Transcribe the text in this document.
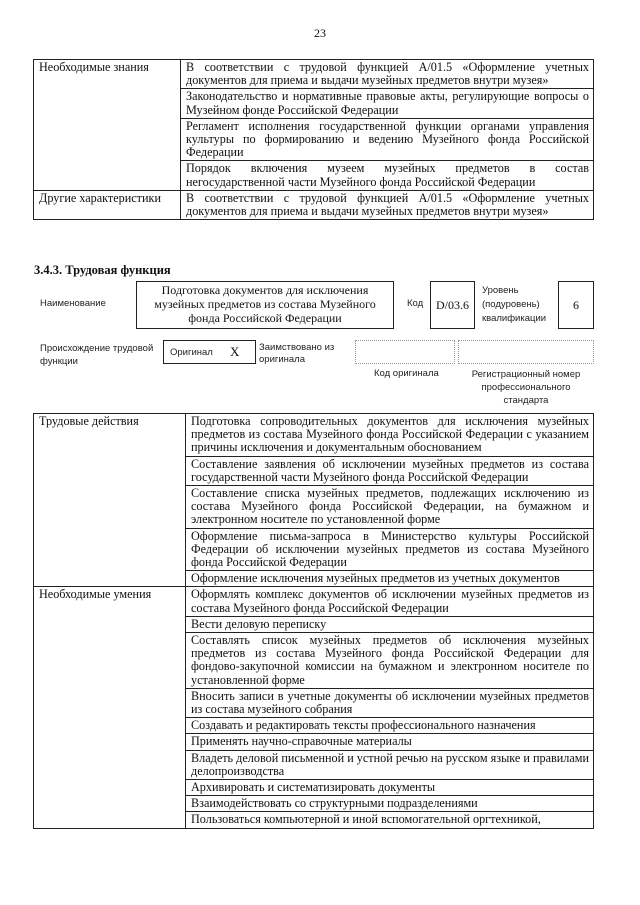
23
Необходимые знания	В соответствии с трудовой функцией А/01.5 «Оформление учетных документов для приема и выдачи музейных предметов внутри музея»
	Законодательство и нормативные правовые акты, регулирующие вопросы о Музейном фонде Российской Федерации
	Регламент исполнения государственной функции органами управления культуры по формированию и ведению Музейного фонда Российской Федерации
	Порядок включения музеем музейных предметов в состав негосударственной части Музейного фонда Российской Федерации
Другие характеристики	В соответствии с трудовой функцией А/01.5 «Оформление учетных документов для приема и выдачи музейных предметов внутри музея»
3.4.3. Трудовая функция
Наименование
Подготовка документов для исключения музейных предметов из состава Музейного фонда Российской Федерации
Код	D/03.6
Уровень (подуровень) квалификации
6
Происхождение трудовой функции
Оригинал X Заимствовано из оригинала
Код оригинала	Регистрационный номер профессионального стандарта
Трудовые действия	Подготовка сопроводительных документов для исключения музейных предметов из состава Музейного фонда Российской Федерации с указанием причины исключения и документальным обоснованием
	Составление заявления об исключении музейных предметов из состава государственной части Музейного фонда Российской Федерации
	Составление списка музейных предметов, подлежащих исключению из состава Музейного фонда Российской Федерации, на бумажном и электронном носителе по установленной форме
	Оформление письма-запроса в Министерство культуры Российской Федерации об исключении музейных предметов из состава Музейного фонда Российской Федерации
	Оформление исключения музейных предметов из учетных документов
Необходимые умения	Оформлять комплекс документов об исключении музейных предметов из состава Музейного фонда Российской Федерации
	Вести деловую переписку
	Составлять список музейных предметов об исключения музейных предметов из состава Музейного фонда Российской Федерации для фондово-закупочной комиссии на бумажном и электронном носителе по установленной форме
	Вносить записи в учетные документы об исключении музейных предметов из состава музейного собрания
	Создавать и редактировать тексты профессионального назначения
	Применять научно-справочные материалы
	Владеть деловой письменной и устной речью на русском языке и правилами делопроизводства
	Архивировать и систематизировать документы
	Взаимодействовать со структурными подразделениями
	Пользоваться компьютерной и иной вспомогательной оргтехникой,
